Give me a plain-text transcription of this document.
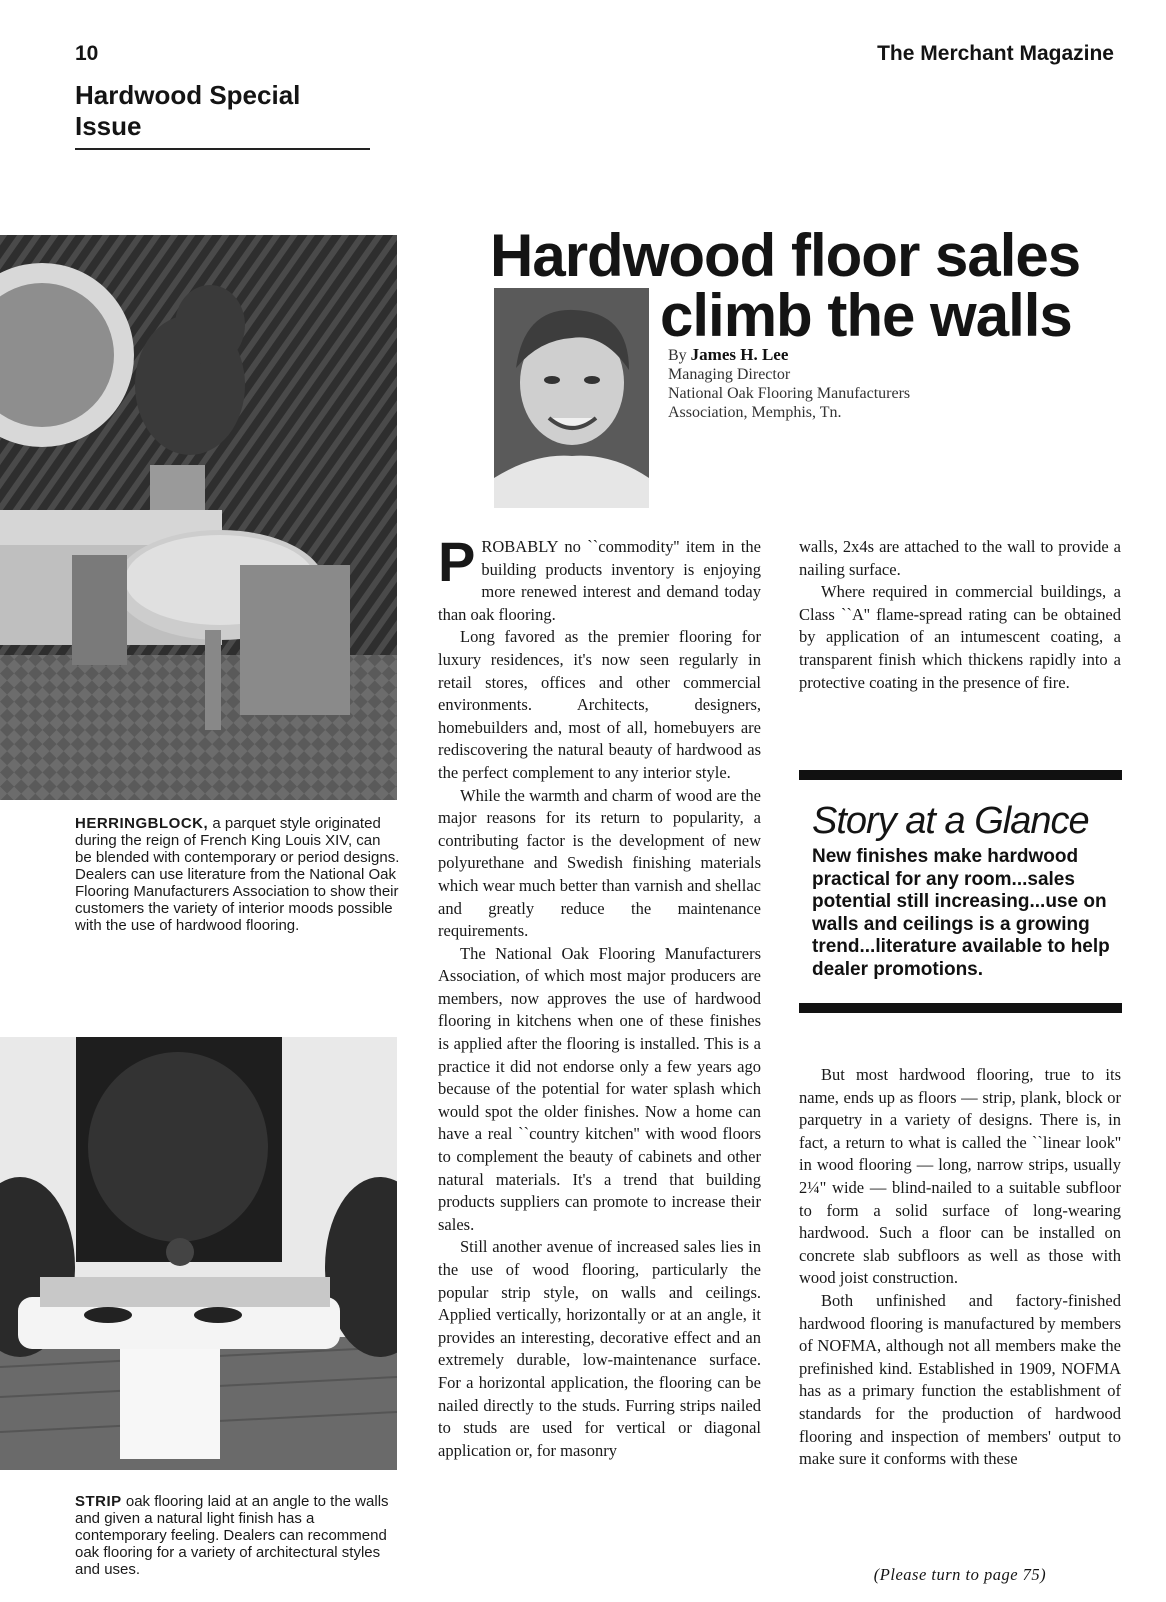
10	The Merchant Magazine
Hardwood Special Issue
Hardwood floor sales
climb the walls
By James H. Lee
Managing Director
National Oak Flooring Manufacturers
Association, Memphis, Tn.
HERRINGBLOCK, a parquet style originated during the reign of French King Louis XIV, can be blended with contemporary or period designs. Dealers can use literature from the National Oak Flooring Manufacturers Association to show their customers the variety of interior moods possible with the use of hardwood flooring.
STRIP oak flooring laid at an angle to the walls and given a natural light finish has a contemporary feeling. Dealers can recommend oak flooring for a variety of architectural styles and uses.

PROBABLY no ``commodity'' item in the building products inventory is enjoying more renewed interest and demand today than oak flooring.

Long favored as the premier flooring for luxury residences, it's now seen regularly in retail stores, offices and other commercial environments. Architects, designers, homebuilders and, most of all, homebuyers are rediscovering the natural beauty of hardwood as the perfect complement to any interior style.

While the warmth and charm of wood are the major reasons for its return to popularity, a contributing factor is the development of new polyurethane and Swedish finishing materials which wear much better than varnish and shellac and greatly reduce the maintenance requirements.

The National Oak Flooring Manufacturers Association, of which most major producers are members, now approves the use of hardwood flooring in kitchens when one of these finishes is applied after the flooring is installed. This is a practice it did not endorse only a few years ago because of the potential for water splash which would spot the older finishes. Now a home can have a real ``country kitchen'' with wood floors to complement the beauty of cabinets and other natural materials. It's a trend that building products suppliers can promote to increase their sales.

Still another avenue of increased sales lies in the use of wood flooring, particularly the popular strip style, on walls and ceilings. Applied vertically, horizontally or at an angle, it provides an interesting, decorative effect and an extremely durable, low-maintenance surface. For a horizontal application, the flooring can be nailed directly to the studs. Furring strips nailed to studs are used for vertical or diagonal application or, for masonry

walls, 2x4s are attached to the wall to provide a nailing surface.

Where required in commercial buildings, a Class ``A'' flame-spread rating can be obtained by application of an intumescent coating, a transparent finish which thickens rapidly into a protective coating in the presence of fire.

Story at a Glance
New finishes make hardwood practical for any room...sales potential still increasing...use on walls and ceilings is a growing trend...literature available to help dealer promotions.

But most hardwood flooring, true to its name, ends up as floors — strip, plank, block or parquetry in a variety of designs. There is, in fact, a return to what is called the ``linear look'' in wood flooring — long, narrow strips, usually 2¼" wide — blind-nailed to a suitable subfloor to form a solid surface of long-wearing hardwood. Such a floor can be installed on concrete slab subfloors as well as those with wood joist construction.

Both unfinished and factory-finished hardwood flooring is manufactured by members of NOFMA, although not all members make the prefinished kind. Established in 1909, NOFMA has as a primary function the establishment of standards for the production of hardwood flooring and inspection of members' output to make sure it conforms with these

(Please turn to page 75)
